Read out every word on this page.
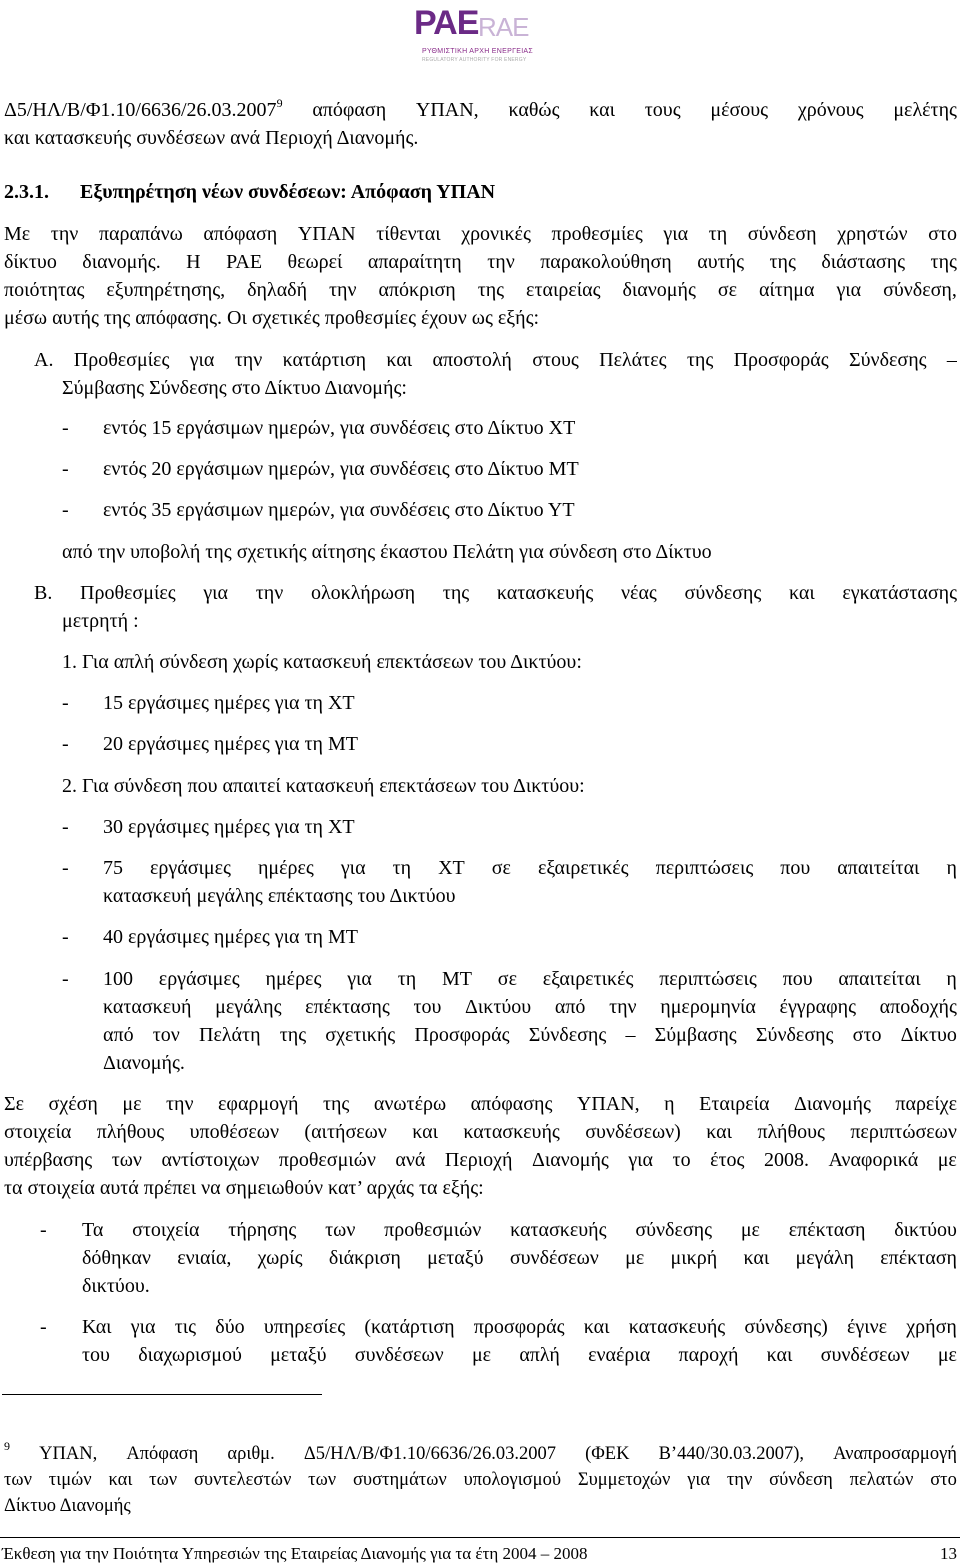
PAE RAE
ΡΥΘΜΙΣΤΙΚΗ ΑΡΧΗ ΕΝΕΡΓΕΙΑΣ
REGULATORY AUTHORITY FOR ENERGY
Δ5/ΗΛ/Β/Φ1.10/6636/26.03.2007$^9$ απόφαση ΥΠΑΝ, καθώς και τους μέσους χρόνους μελέτης
και κατασκευής συνδέσεων ανά Περιοχή Διανομής.
2.3.1. Εξυπηρέτηση νέων συνδέσεων: Απόφαση ΥΠΑΝ
Με την παραπάνω απόφαση ΥΠΑΝ τίθενται χρονικές προθεσμίες για τη σύνδεση χρηστών στο
δίκτυο διανομής. Η ΡΑΕ θεωρεί απαραίτητη την παρακολούθηση αυτής της διάστασης της
ποιότητας εξυπηρέτησης, δηλαδή την απόκριση της εταιρείας διανομής σε αίτημα για σύνδεση,
μέσω αυτής της απόφασης. Οι σχετικές προθεσμίες έχουν ως εξής:
Α. Προθεσμίες για την κατάρτιση και αποστολή στους Πελάτες της Προσφοράς Σύνδεσης –
Σύμβασης Σύνδεσης στο Δίκτυο Διανομής:
- εντός 15 εργάσιμων ημερών, για συνδέσεις στο Δίκτυο ΧΤ
- εντός 20 εργάσιμων ημερών, για συνδέσεις στο Δίκτυο ΜΤ
- εντός 35 εργάσιμων ημερών, για συνδέσεις στο Δίκτυο ΥΤ
από την υποβολή της σχετικής αίτησης έκαστου Πελάτη για σύνδεση στο Δίκτυο
Β. Προθεσμίες για την ολοκλήρωση της κατασκευής νέας σύνδεσης και εγκατάστασης
μετρητή :
1. Για απλή σύνδεση χωρίς κατασκευή επεκτάσεων του Δικτύου:
- 15 εργάσιμες ημέρες για τη ΧΤ
- 20 εργάσιμες ημέρες για τη ΜΤ
2. Για σύνδεση που απαιτεί κατασκευή επεκτάσεων του Δικτύου:
- 30 εργάσιμες ημέρες για τη ΧΤ
- 75 εργάσιμες ημέρες για τη ΧΤ σε εξαιρετικές περιπτώσεις που απαιτείται η
κατασκευή μεγάλης επέκτασης του Δικτύου
- 40 εργάσιμες ημέρες για τη ΜΤ
- 100 εργάσιμες ημέρες για τη ΜΤ σε εξαιρετικές περιπτώσεις που απαιτείται η
κατασκευή μεγάλης επέκτασης του Δικτύου από την ημερομηνία έγγραφης αποδοχής
από τον Πελάτη της σχετικής Προσφοράς Σύνδεσης – Σύμβασης Σύνδεσης στο Δίκτυο
Διανομής.
Σε σχέση με την εφαρμογή της ανωτέρω απόφασης ΥΠΑΝ, η Εταιρεία Διανομής παρείχε
στοιχεία πλήθους υποθέσεων (αιτήσεων και κατασκευής συνδέσεων) και πλήθους περιπτώσεων
υπέρβασης των αντίστοιχων προθεσμιών ανά Περιοχή Διανομής για το έτος 2008. Αναφορικά με
τα στοιχεία αυτά πρέπει να σημειωθούν κατ’ αρχάς τα εξής:
- Τα στοιχεία τήρησης των προθεσμιών κατασκευής σύνδεσης με επέκταση δικτύου
δόθηκαν ενιαία, χωρίς διάκριση μεταξύ συνδέσεων με μικρή και μεγάλη επέκταση
δικτύου.
- Και για τις δύο υπηρεσίες (κατάρτιση προσφοράς και κατασκευής σύνδεσης) έγινε χρήση
του διαχωρισμού μεταξύ συνδέσεων με απλή εναέρια παροχή και συνδέσεων με
$^9$ ΥΠΑΝ, Απόφαση αριθμ. Δ5/ΗΛ/Β/Φ1.10/6636/26.03.2007 (ΦΕΚ Β’440/30.03.2007), Αναπροσαρμογή
των τιμών και των συντελεστών των συστημάτων υπολογισμού Συμμετοχών για την σύνδεση πελατών στο
Δίκτυο Διανομής
Έκθεση για την Ποιότητα Υπηρεσιών της Εταιρείας Διανομής για τα έτη 2004 – 2008	13
